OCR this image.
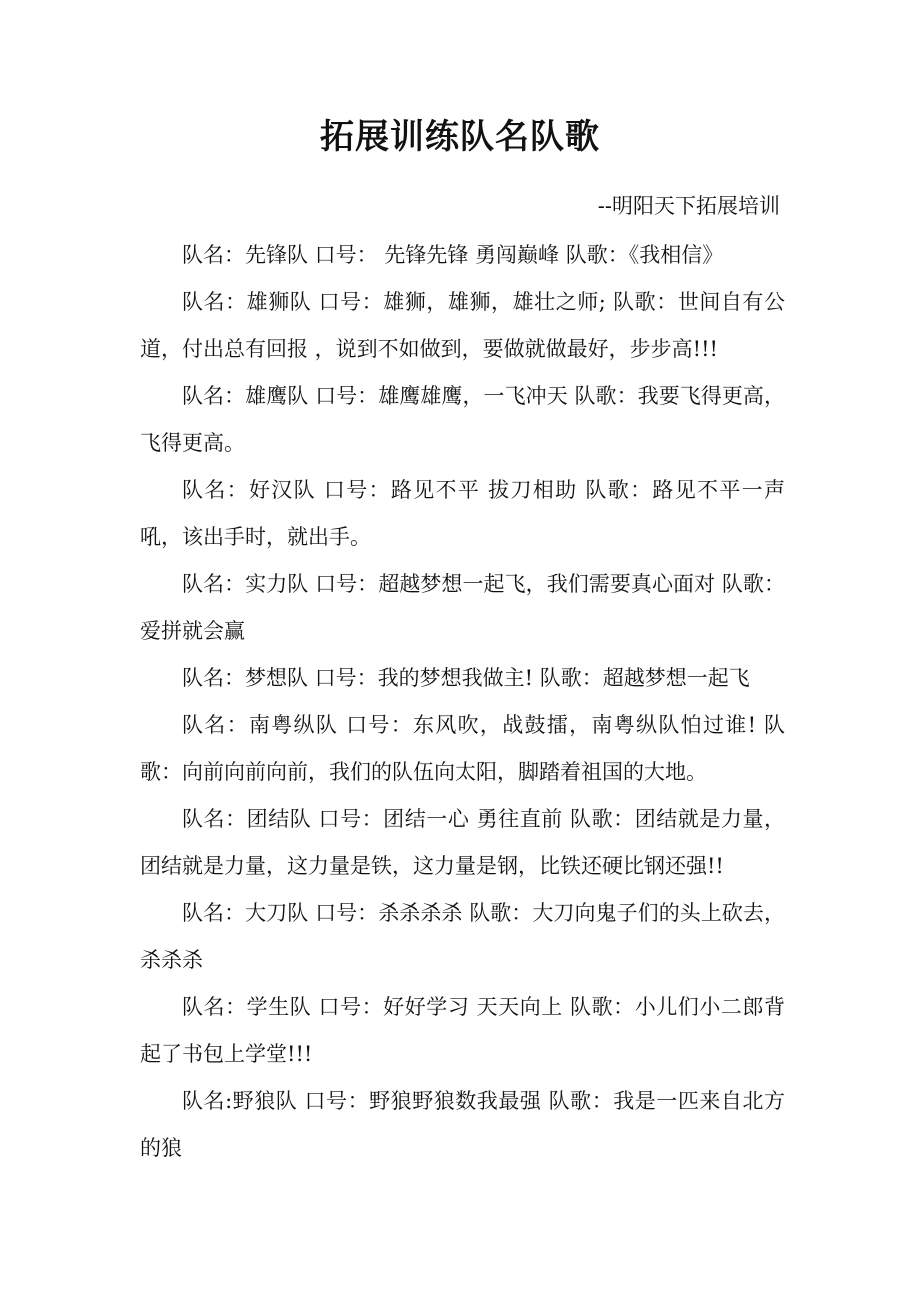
拓展训练队名队歌

--明阳天下拓展培训

队名：先锋队 口号： 先锋先锋 勇闯巅峰 队歌：《我相信》

队名：雄狮队 口号：雄狮，雄狮，雄壮之师; 队歌：世间自有公道，付出总有回报 ，说到不如做到，要做就做最好，步步高!!!

队名：雄鹰队 口号：雄鹰雄鹰，一飞冲天 队歌：我要飞得更高，飞得更高。

队名：好汉队 口号：路见不平 拔刀相助 队歌：路见不平一声吼，该出手时，就出手。

队名：实力队 口号：超越梦想一起飞，我们需要真心面对 队歌：爱拼就会赢

队名：梦想队 口号：我的梦想我做主! 队歌：超越梦想一起飞

队名：南粤纵队 口号：东风吹，战鼓擂，南粤纵队怕过谁! 队歌：向前向前向前，我们的队伍向太阳，脚踏着祖国的大地。

队名：团结队 口号：团结一心 勇往直前 队歌：团结就是力量，团结就是力量，这力量是铁，这力量是钢，比铁还硬比钢还强!!

队名：大刀队 口号：杀杀杀杀 队歌：大刀向鬼子们的头上砍去，杀杀杀

队名：学生队 口号：好好学习 天天向上 队歌：小儿们小二郎背起了书包上学堂!!!

队名:野狼队 口号：野狼野狼数我最强 队歌：我是一匹来自北方的狼
